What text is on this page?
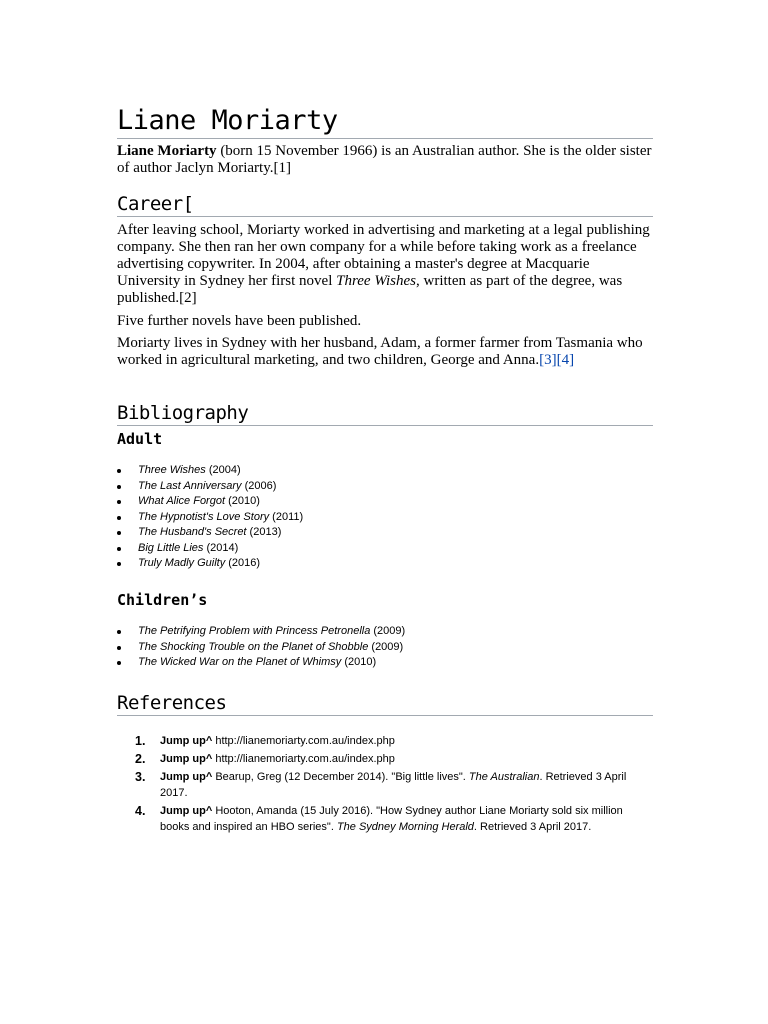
Liane Moriarty

Liane Moriarty (born 15 November 1966) is an Australian author. She is the older sister of author Jaclyn Moriarty.[1]

Career[

After leaving school, Moriarty worked in advertising and marketing at a legal publishing company. She then ran her own company for a while before taking work as a freelance advertising copywriter. In 2004, after obtaining a master's degree at Macquarie University in Sydney her first novel Three Wishes, written as part of the degree, was published.[2]

Five further novels have been published.

Moriarty lives in Sydney with her husband, Adam, a former farmer from Tasmania who worked in agricultural marketing, and two children, George and Anna.[3][4]

Bibliography
Adult
Three Wishes (2004)
The Last Anniversary (2006)
What Alice Forgot (2010)
The Hypnotist's Love Story (2011)
The Husband's Secret (2013)
Big Little Lies (2014)
Truly Madly Guilty (2016)
Children’s
The Petrifying Problem with Princess Petronella (2009)
The Shocking Trouble on the Planet of Shobble (2009)
The Wicked War on the Planet of Whimsy (2010)
References
1. Jump up^ http://lianemoriarty.com.au/index.php
2. Jump up^ http://lianemoriarty.com.au/index.php
3. Jump up^ Bearup, Greg (12 December 2014). "Big little lives". The Australian. Retrieved 3 April 2017.
4. Jump up^ Hooton, Amanda (15 July 2016). "How Sydney author Liane Moriarty sold six million books and inspired an HBO series". The Sydney Morning Herald. Retrieved 3 April 2017.
